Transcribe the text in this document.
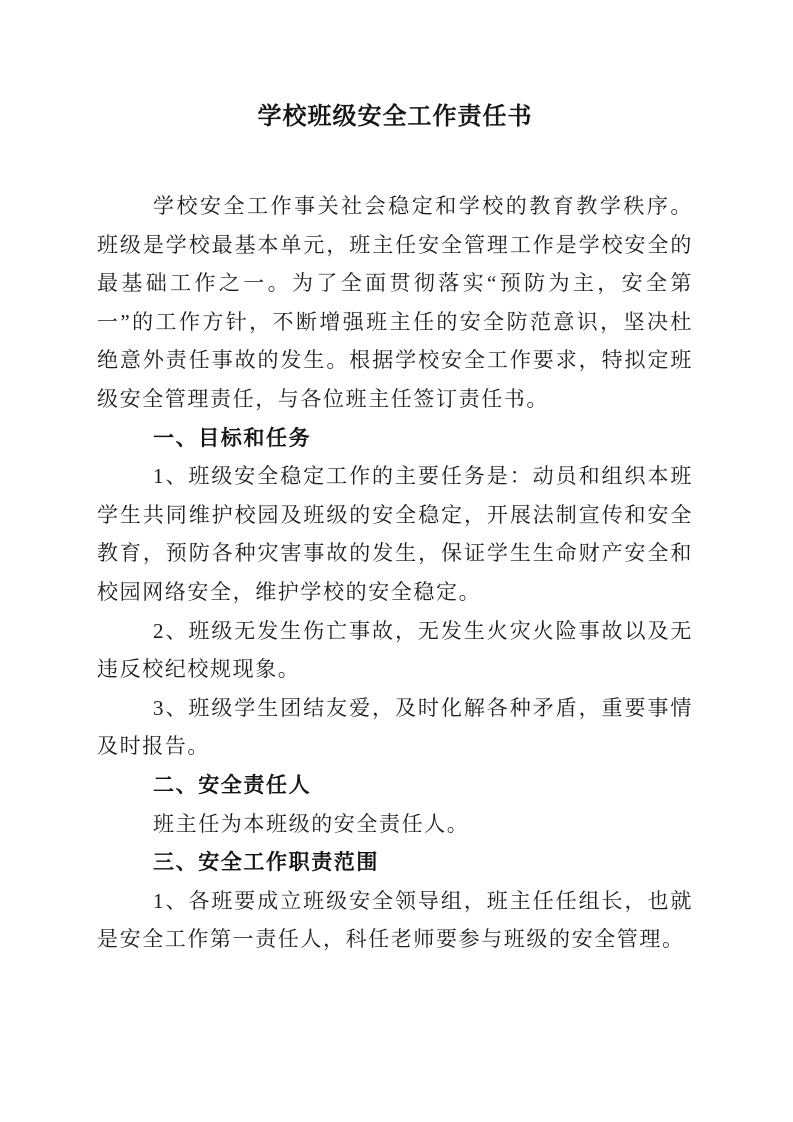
学校班级安全工作责任书

学校安全工作事关社会稳定和学校的教育教学秩序。班级是学校最基本单元，班主任安全管理工作是学校安全的最基础工作之一。为了全面贯彻落实“预防为主，安全第一”的工作方针，不断增强班主任的安全防范意识，坚决杜绝意外责任事故的发生。根据学校安全工作要求，特拟定班级安全管理责任，与各位班主任签订责任书。

一、目标和任务

1、班级安全稳定工作的主要任务是：动员和组织本班学生共同维护校园及班级的安全稳定，开展法制宣传和安全教育，预防各种灾害事故的发生，保证学生生命财产安全和校园网络安全，维护学校的安全稳定。

2、班级无发生伤亡事故，无发生火灾火险事故以及无违反校纪校规现象。

3、班级学生团结友爱，及时化解各种矛盾，重要事情及时报告。

二、安全责任人

班主任为本班级的安全责任人。

三、安全工作职责范围

1、各班要成立班级安全领导组，班主任任组长，也就是安全工作第一责任人，科任老师要参与班级的安全管理。
